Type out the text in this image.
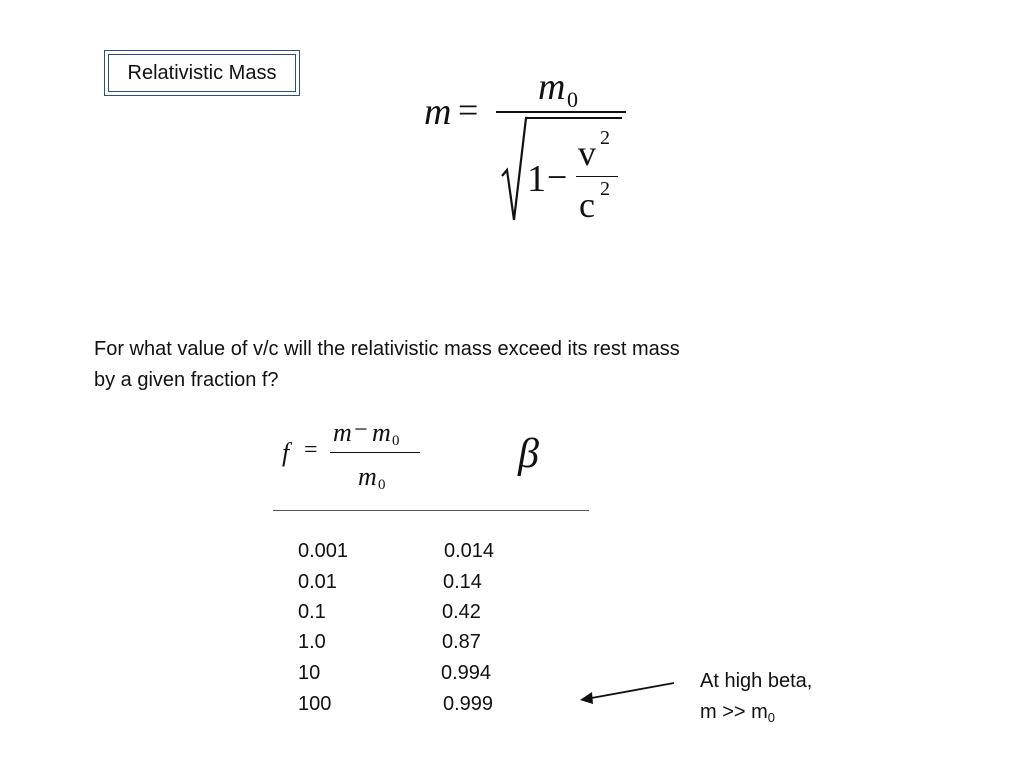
Relativistic Mass
m =
m 0
1 −
v 2
c 2
For what value of v/c will the relativistic mass exceed its rest mass
by a given fraction f?
f =
m − m 0
m 0
β
0.001	0.014
0.01	0.14
0.1	0.42
1.0	0.87
10	0.994
100	0.999
At high beta,
$m >> m_0$
